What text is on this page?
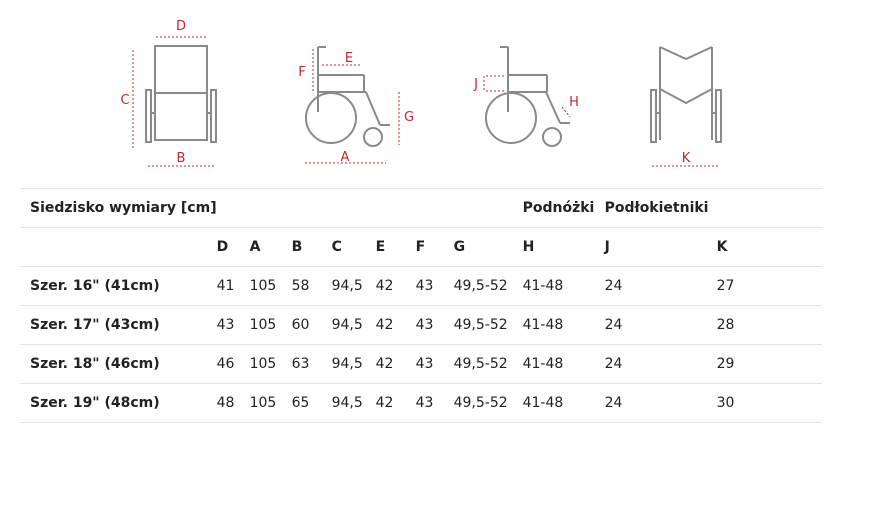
D
C
B
F
E
G
A
J
H
K
Siedzisko wymiary [cm]								Podnóżki	Podłokietniki	
	D	A	B	C	E	F	G	H	J	K
Szer. 16" (41cm)	41	105	58	94,5	42	43	49,5-52	41-48	24	27
Szer. 17" (43cm)	43	105	60	94,5	42	43	49,5-52	41-48	24	28
Szer. 18" (46cm)	46	105	63	94,5	42	43	49,5-52	41-48	24	29
Szer. 19" (48cm)	48	105	65	94,5	42	43	49,5-52	41-48	24	30
